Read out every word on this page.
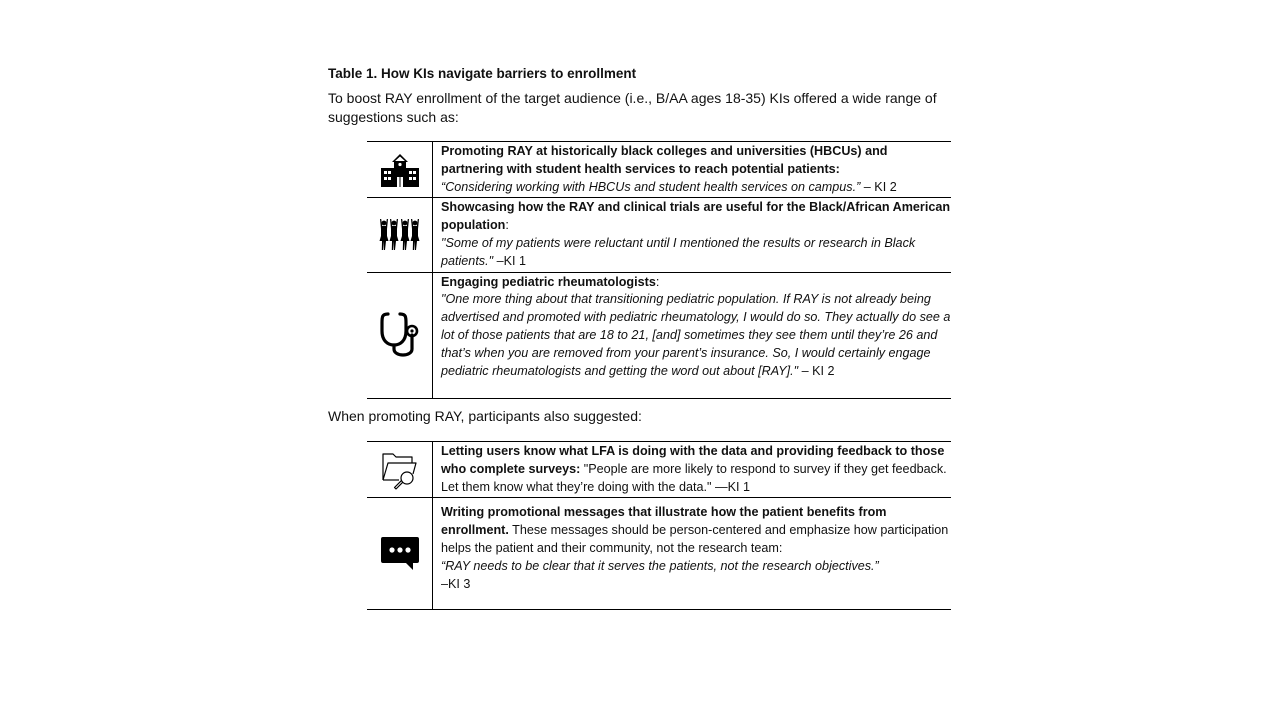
Table 1. How KIs navigate barriers to enrollment
To boost RAY enrollment of the target audience (i.e., B/AA ages 18-35) KIs offered a wide range of suggestions such as:
	Promoting RAY at historically black colleges and universities (HBCUs) and partnering with student health services to reach potential patients:
“Considering working with HBCUs and student health services on campus.” – KI 2

	Showcasing how the RAY and clinical trials are useful for the Black/African American population:
"Some of my patients were reluctant until I mentioned the results or research in Black patients." –KI 1

	Engaging pediatric rheumatologists:
"One more thing about that transitioning pediatric population. If RAY is not already being advertised and promoted with pediatric rheumatology, I would do so. They actually do see a lot of those patients that are 18 to 21, [and] sometimes they see them until they’re 26 and that’s when you are removed from your parent’s insurance. So, I would certainly engage pediatric rheumatologists and getting the word out about [RAY]." – KI 2
When promoting RAY, participants also suggested:
	Letting users know what LFA is doing with the data and providing feedback to those who complete surveys: "People are more likely to respond to survey if they get feedback. Let them know what they’re doing with the data." —KI 1

	Writing promotional messages that illustrate how the patient benefits from enrollment. These messages should be person-centered and emphasize how participation helps the patient and their community, not the research team:
“RAY needs to be clear that it serves the patients, not the research objectives.”
–KI 3
